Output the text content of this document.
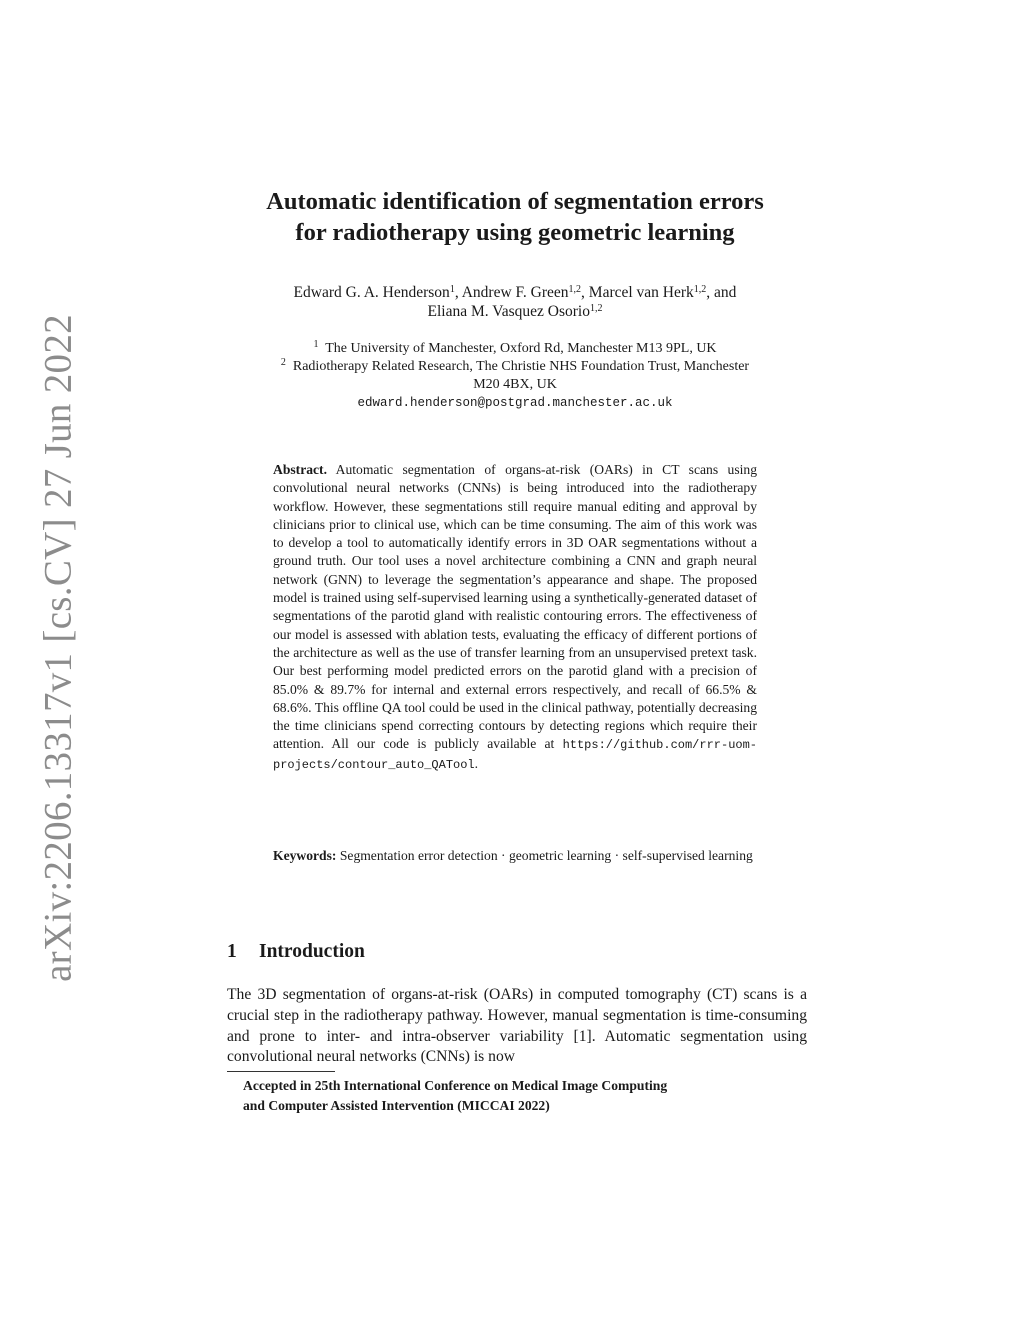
arXiv:2206.13317v1 [cs.CV] 27 Jun 2022
Automatic identification of segmentation errors
for radiotherapy using geometric learning
Edward G. A. Henderson$^1$, Andrew F. Green$^{1,2}$, Marcel van Herk$^{1,2}$, and
Eliana M. Vasquez Osorio$^{1,2}$
$^1$ The University of Manchester, Oxford Rd, Manchester M13 9PL, UK
$^2$ Radiotherapy Related Research, The Christie NHS Foundation Trust, Manchester
M20 4BX, UK
edward.henderson@postgrad.manchester.ac.uk
Abstract. Automatic segmentation of organs-at-risk (OARs) in CT scans using convolutional neural networks (CNNs) is being introduced into the radiotherapy workflow. However, these segmentations still require manual editing and approval by clinicians prior to clinical use, which can be time consuming. The aim of this work was to develop a tool to automatically identify errors in 3D OAR segmentations without a ground truth. Our tool uses a novel architecture combining a CNN and graph neural network (GNN) to leverage the segmentation’s appearance and shape. The proposed model is trained using self-supervised learning using a synthetically-generated dataset of segmentations of the parotid gland with realistic contouring errors. The effectiveness of our model is assessed with ablation tests, evaluating the efficacy of different portions of the architecture as well as the use of transfer learning from an unsupervised pretext task. Our best performing model predicted errors on the parotid gland with a precision of 85.0% & 89.7% for internal and external errors respectively, and recall of 66.5% & 68.6%. This offline QA tool could be used in the clinical pathway, potentially decreasing the time clinicians spend correcting contours by detecting regions which require their attention. All our code is publicly available at https://github.com/rrr-uom-projects/contour_auto_QATool.
Keywords: Segmentation error detection · geometric learning · self-supervised learning
1 Introduction
The 3D segmentation of organs-at-risk (OARs) in computed tomography (CT) scans is a crucial step in the radiotherapy pathway. However, manual segmentation is time-consuming and prone to inter- and intra-observer variability [1]. Automatic segmentation using convolutional neural networks (CNNs) is now
Accepted in 25th International Conference on Medical Image Computing
and Computer Assisted Intervention (MICCAI 2022)
